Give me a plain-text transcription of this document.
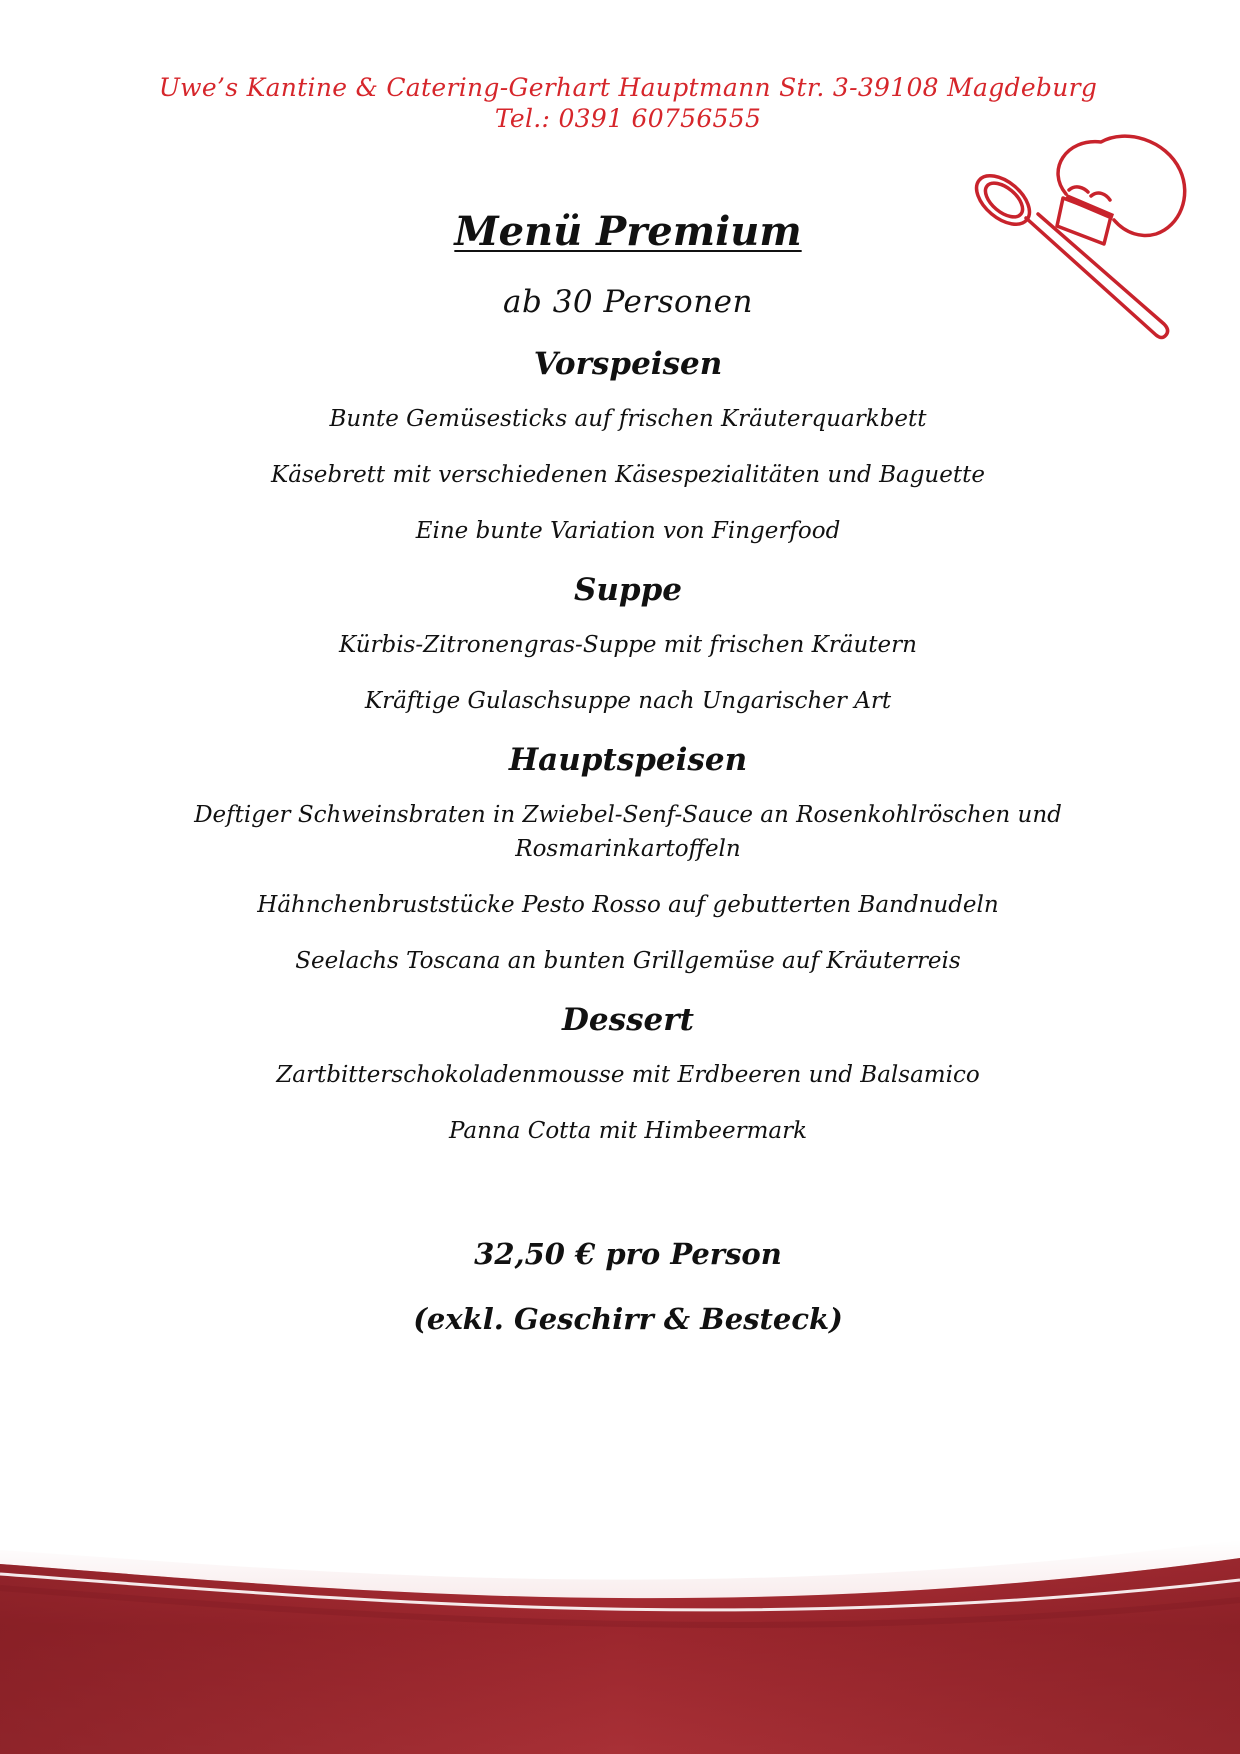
Uwe’s Kantine & Catering-Gerhart Hauptmann Str. 3-39108 Magdeburg
Tel.: 0391 60756555
Menü Premium
ab 30 Personen
Vorspeisen
Bunte Gemüsesticks auf frischen Kräuterquarkbett
Käsebrett mit verschiedenen Käsespezialitäten und Baguette
Eine bunte Variation von Fingerfood
Suppe
Kürbis-Zitronengras-Suppe mit frischen Kräutern
Kräftige Gulaschsuppe nach Ungarischer Art
Hauptspeisen
Deftiger Schweinsbraten in Zwiebel-Senf-Sauce an Rosenkohlröschen und Rosmarinkartoffeln
Hähnchenbruststücke Pesto Rosso auf gebutterten Bandnudeln
Seelachs Toscana an bunten Grillgemüse auf Kräuterreis
Dessert
Zartbitterschokoladenmousse mit Erdbeeren und Balsamico
Panna Cotta mit Himbeermark
32,50 € pro Person
(exkl. Geschirr & Besteck)
